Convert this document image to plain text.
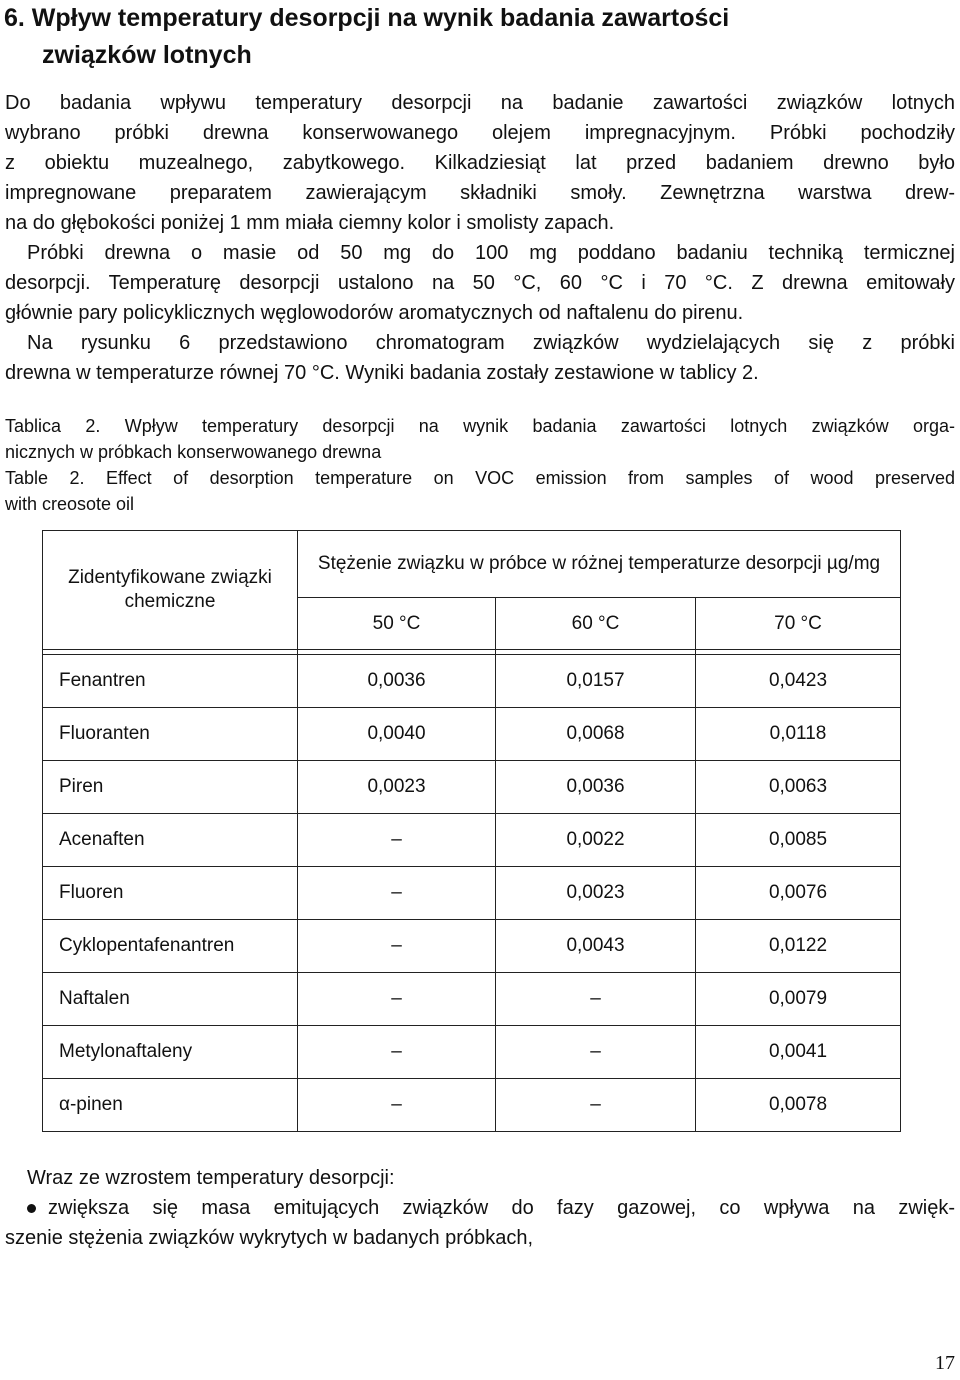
6. Wpływ temperatury desorpcji na wynik badania zawartości
związków lotnych
Do badania wpływu temperatury desorpcji na badanie zawartości związków lotnych
wybrano próbki drewna konserwowanego olejem impregnacyjnym. Próbki pochodziły
z obiektu muzealnego, zabytkowego. Kilkadziesiąt lat przed badaniem drewno było
impregnowane preparatem zawierającym składniki smoły. Zewnętrzna warstwa drew-
na do głębokości poniżej 1 mm miała ciemny kolor i smolisty zapach.
Próbki drewna o masie od 50 mg do 100 mg poddano badaniu techniką termicznej
desorpcji. Temperaturę desorpcji ustalono na 50 °C, 60 °C i 70 °C. Z drewna emitowały
głównie pary policyklicznych węglowodorów aromatycznych od naftalenu do pirenu.
Na rysunku 6 przedstawiono chromatogram związków wydzielających się z próbki
drewna w temperaturze równej 70 °C. Wyniki badania zostały zestawione w tablicy 2.
Tablica 2. Wpływ temperatury desorpcji na wynik badania zawartości lotnych związków orga-
nicznych w próbkach konserwowanego drewna
Table 2. Effect of desorption temperature on VOC emission from samples of wood preserved
with creosote oil
Zidentyfikowane związki chemiczne	Stężenie związku w próbce w różnej temperaturze desorpcji µg/mg		
	50 °C	60 °C	70 °C

Fenantren	0,0036	0,0157	0,0423
Fluoranten	0,0040	0,0068	0,0118
Piren	0,0023	0,0036	0,0063
Acenaften	–	0,0022	0,0085
Fluoren	–	0,0023	0,0076
Cyklopentafenantren	–	0,0043	0,0122
Naftalen	–	–	0,0079
Metylonaftaleny	–	–	0,0041
α-pinen	–	–	0,0078
Wraz ze wzrostem temperatury desorpcji:
zwiększa się masa emitujących związków do fazy gazowej, co wpływa na zwięk-
szenie stężenia związków wykrytych w badanych próbkach,
17
